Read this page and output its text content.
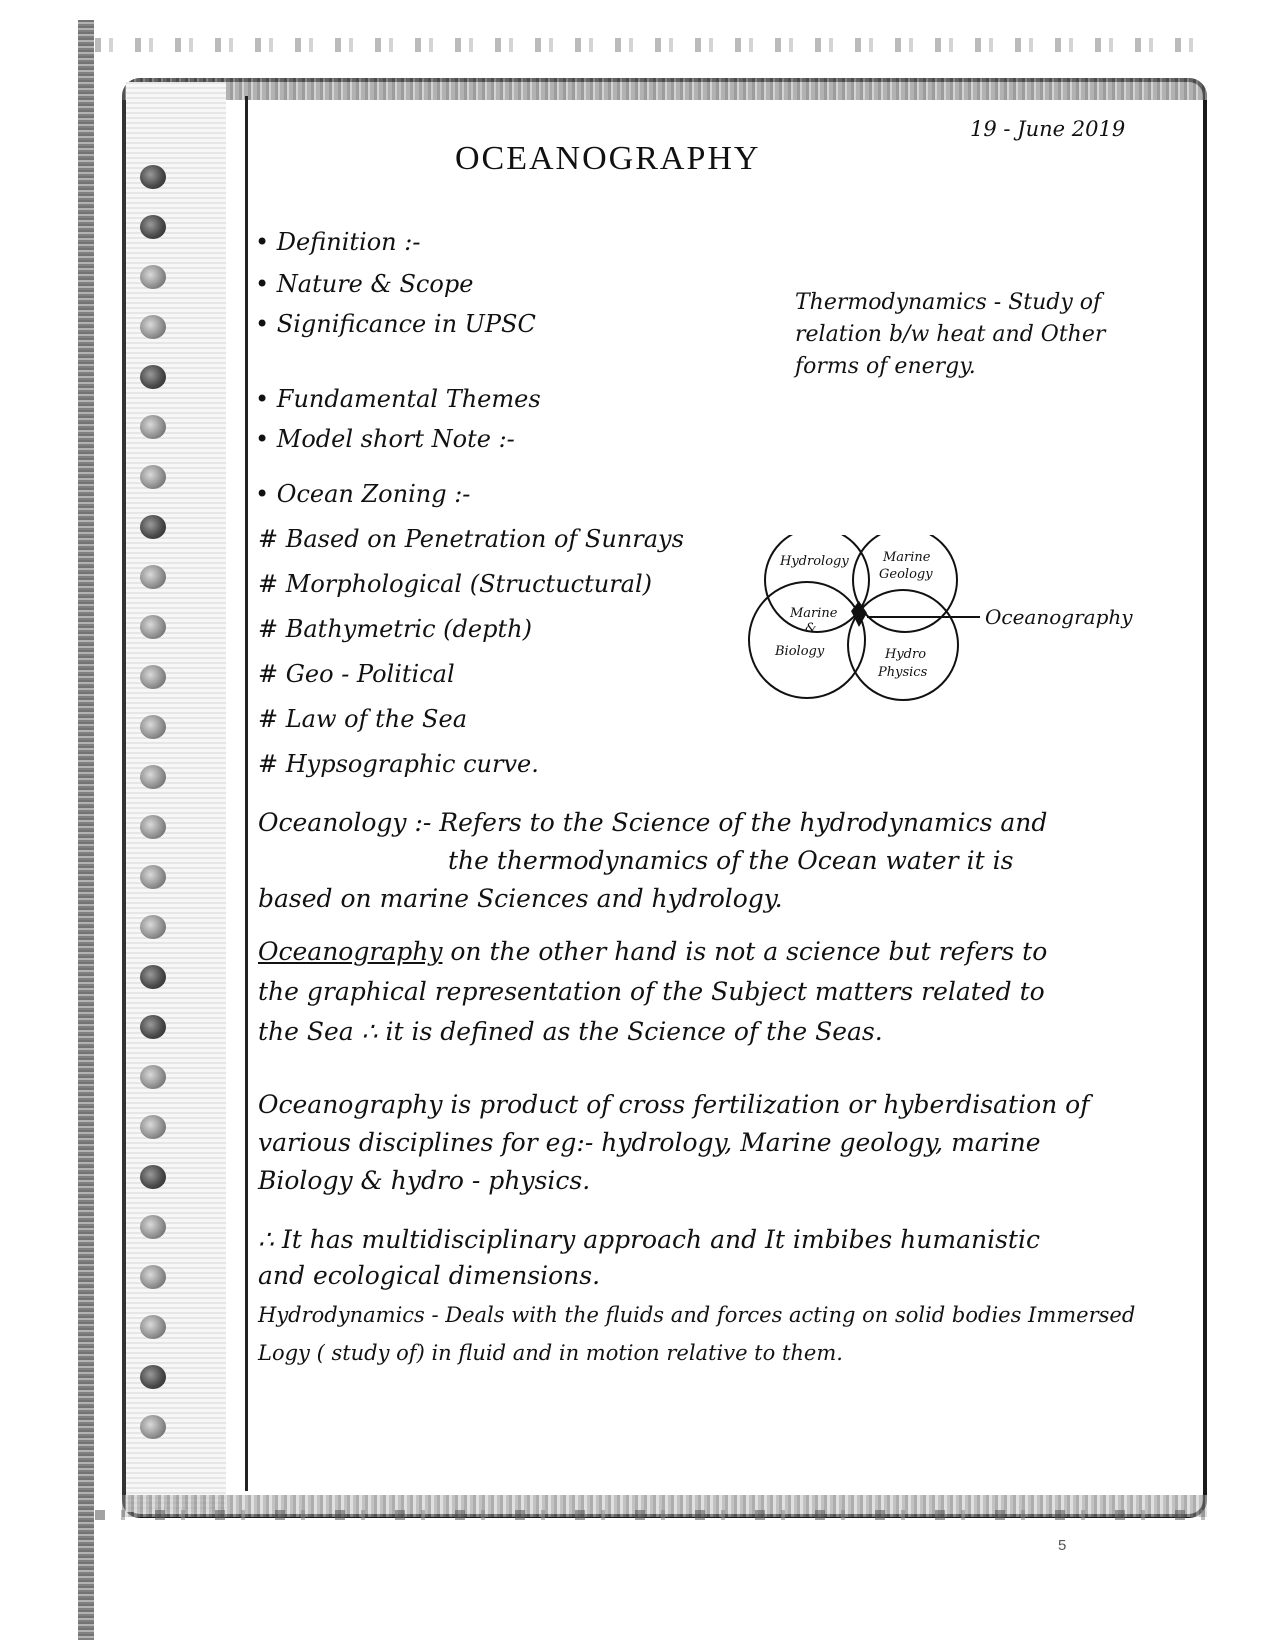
19 - June 2019
OCEANOGRAPHY
• Definition :-
• Nature & Scope
• Significance in UPSC
• Fundamental Themes
• Model short Note :-
• Ocean Zoning :-
# Based on Penetration of Sunrays
# Morphological (Structuctural)
# Bathymetric (depth)
# Geo - Political
# Law of the Sea
# Hypsographic curve.
Thermodynamics - Study of
relation b/w heat and Other
forms of energy.
Hydrology	Marine
Geology
Marine
&
Biology	Hydro
Physics
Oceanography
Oceanology :- Refers to the Science of the hydrodynamics and
the thermodynamics of the Ocean water it is
based on marine Sciences and hydrology.
Oceanography on the other hand is not a science but refers to
the graphical representation of the Subject matters related to
the Sea ∴ it is defined as the Science of the Seas.
Oceanography is product of cross fertilization or hyberdisation of
various disciplines for eg:- hydrology, Marine geology, marine
Biology & hydro - physics.
∴ It has multidisciplinary approach and It imbibes humanistic
and ecological dimensions.
Hydrodynamics - Deals with the fluids and forces acting on solid bodies Immersed
Logy ( study of) in fluid and in motion relative to them.
5
